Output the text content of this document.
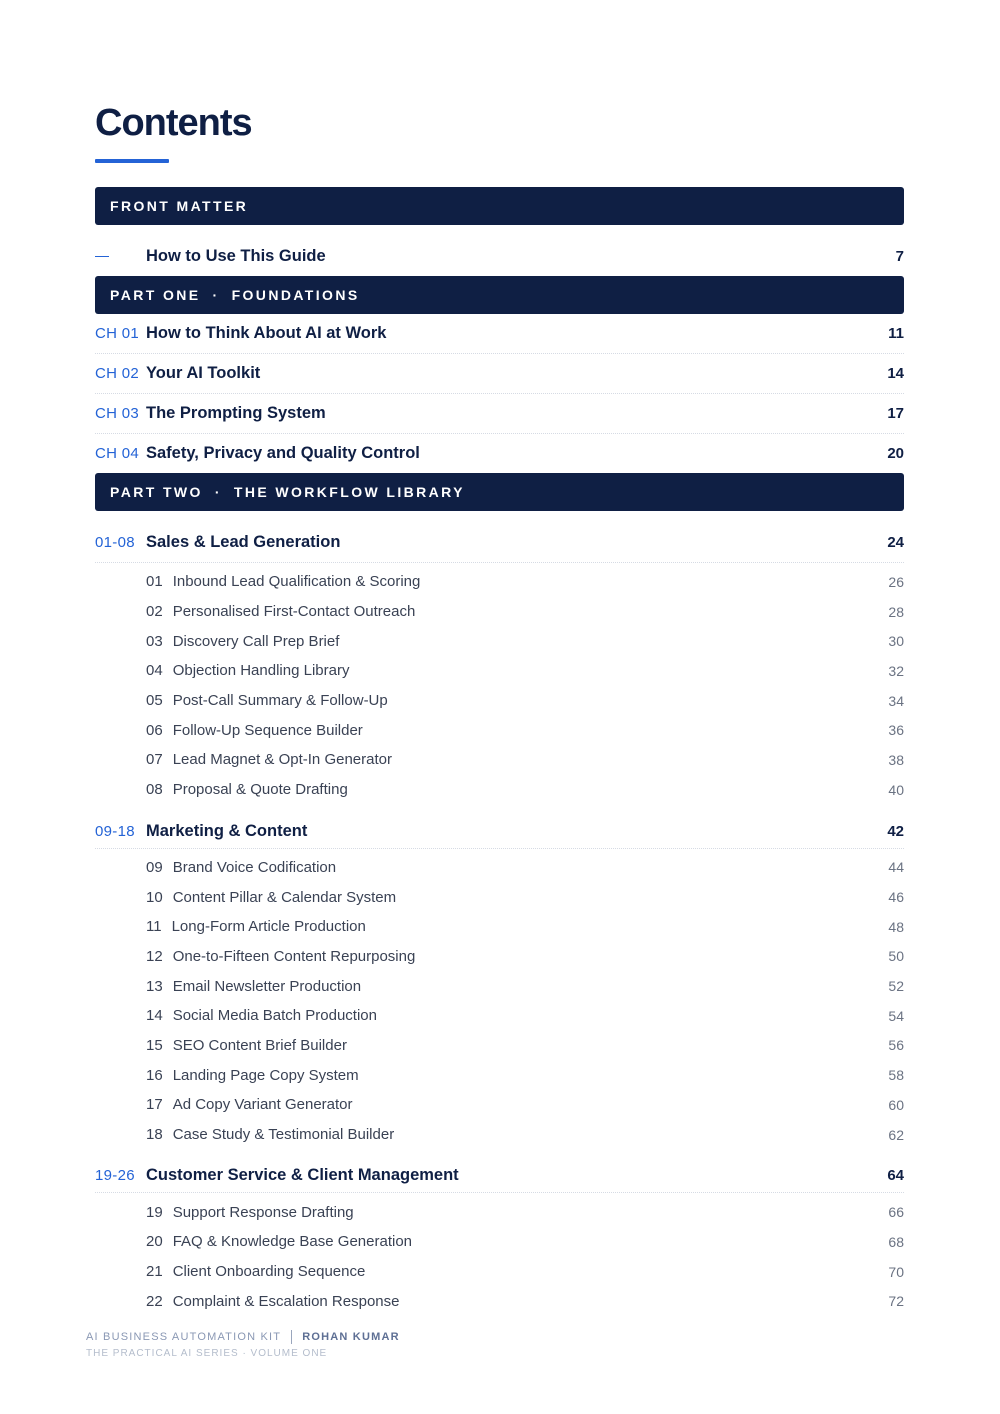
Contents
FRONT MATTER
How to Use This Guide	7
PART ONE · FOUNDATIONS
CH 01 How to Think About AI at Work	11
CH 02 Your AI Toolkit	14
CH 03 The Prompting System	17
CH 04 Safety, Privacy and Quality Control	20
PART TWO · THE WORKFLOW LIBRARY
01-08 Sales & Lead Generation	24
01 Inbound Lead Qualification & Scoring	26
02 Personalised First-Contact Outreach	28
03 Discovery Call Prep Brief	30
04 Objection Handling Library	32
05 Post-Call Summary & Follow-Up	34
06 Follow-Up Sequence Builder	36
07 Lead Magnet & Opt-In Generator	38
08 Proposal & Quote Drafting	40
09-18 Marketing & Content	42
09 Brand Voice Codification	44
10 Content Pillar & Calendar System	46
11 Long-Form Article Production	48
12 One-to-Fifteen Content Repurposing	50
13 Email Newsletter Production	52
14 Social Media Batch Production	54
15 SEO Content Brief Builder	56
16 Landing Page Copy System	58
17 Ad Copy Variant Generator	60
18 Case Study & Testimonial Builder	62
19-26 Customer Service & Client Management	64
19 Support Response Drafting	66
20 FAQ & Knowledge Base Generation	68
21 Client Onboarding Sequence	70
22 Complaint & Escalation Response	72
AI BUSINESS AUTOMATION KIT ROHAN KUMAR
THE PRACTICAL AI SERIES · VOLUME ONE
